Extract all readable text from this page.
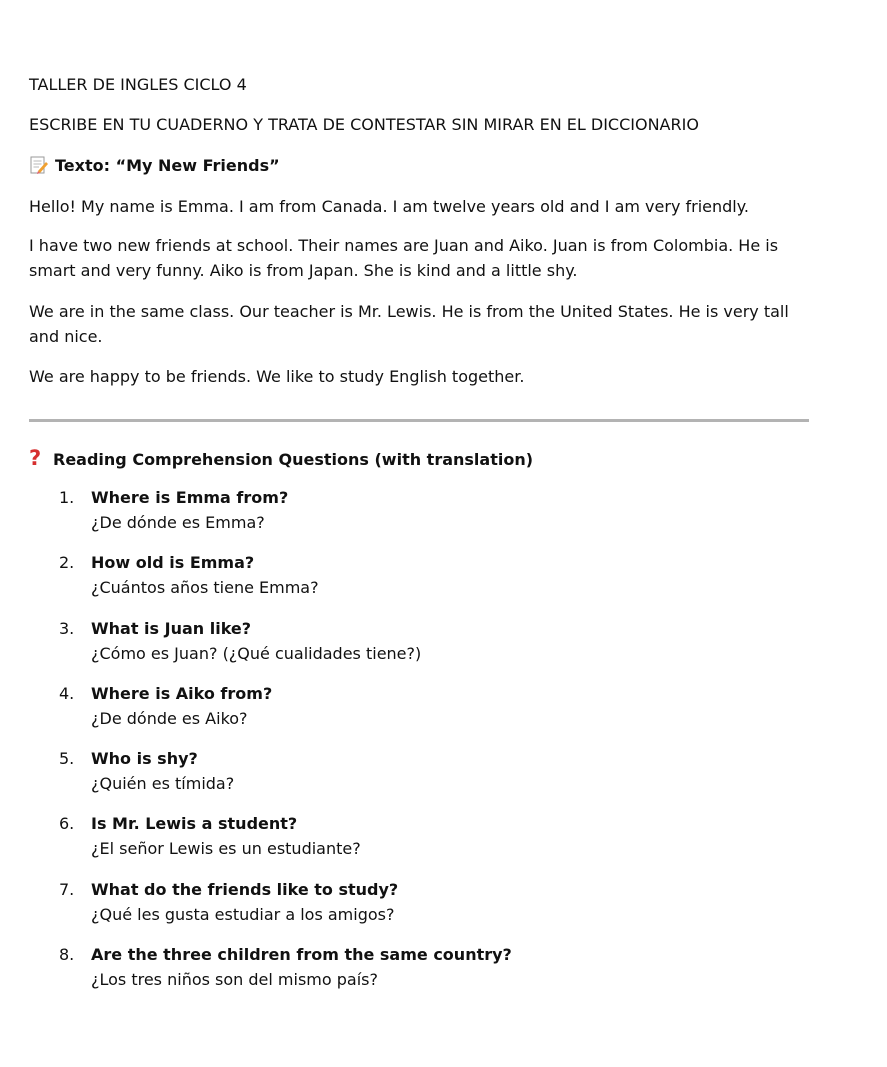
TALLER DE INGLES CICLO 4
ESCRIBE EN TU CUADERNO Y TRATA DE CONTESTAR SIN MIRAR EN EL DICCIONARIO
Texto: “My New Friends”
Hello! My name is Emma. I am from Canada. I am twelve years old and I am very friendly.
I have two new friends at school. Their names are Juan and Aiko. Juan is from Colombia. He is smart and very funny. Aiko is from Japan. She is kind and a little shy.
We are in the same class. Our teacher is Mr. Lewis. He is from the United States. He is very tall and nice.
We are happy to be friends. We like to study English together.
? Reading Comprehension Questions (with translation)
1. Where is Emma from?
¿De dónde es Emma?
2. How old is Emma?
¿Cuántos años tiene Emma?
3. What is Juan like?
¿Cómo es Juan? (¿Qué cualidades tiene?)
4. Where is Aiko from?
¿De dónde es Aiko?
5. Who is shy?
¿Quién es tímida?
6. Is Mr. Lewis a student?
¿El señor Lewis es un estudiante?
7. What do the friends like to study?
¿Qué les gusta estudiar a los amigos?
8. Are the three children from the same country?
¿Los tres niños son del mismo país?
